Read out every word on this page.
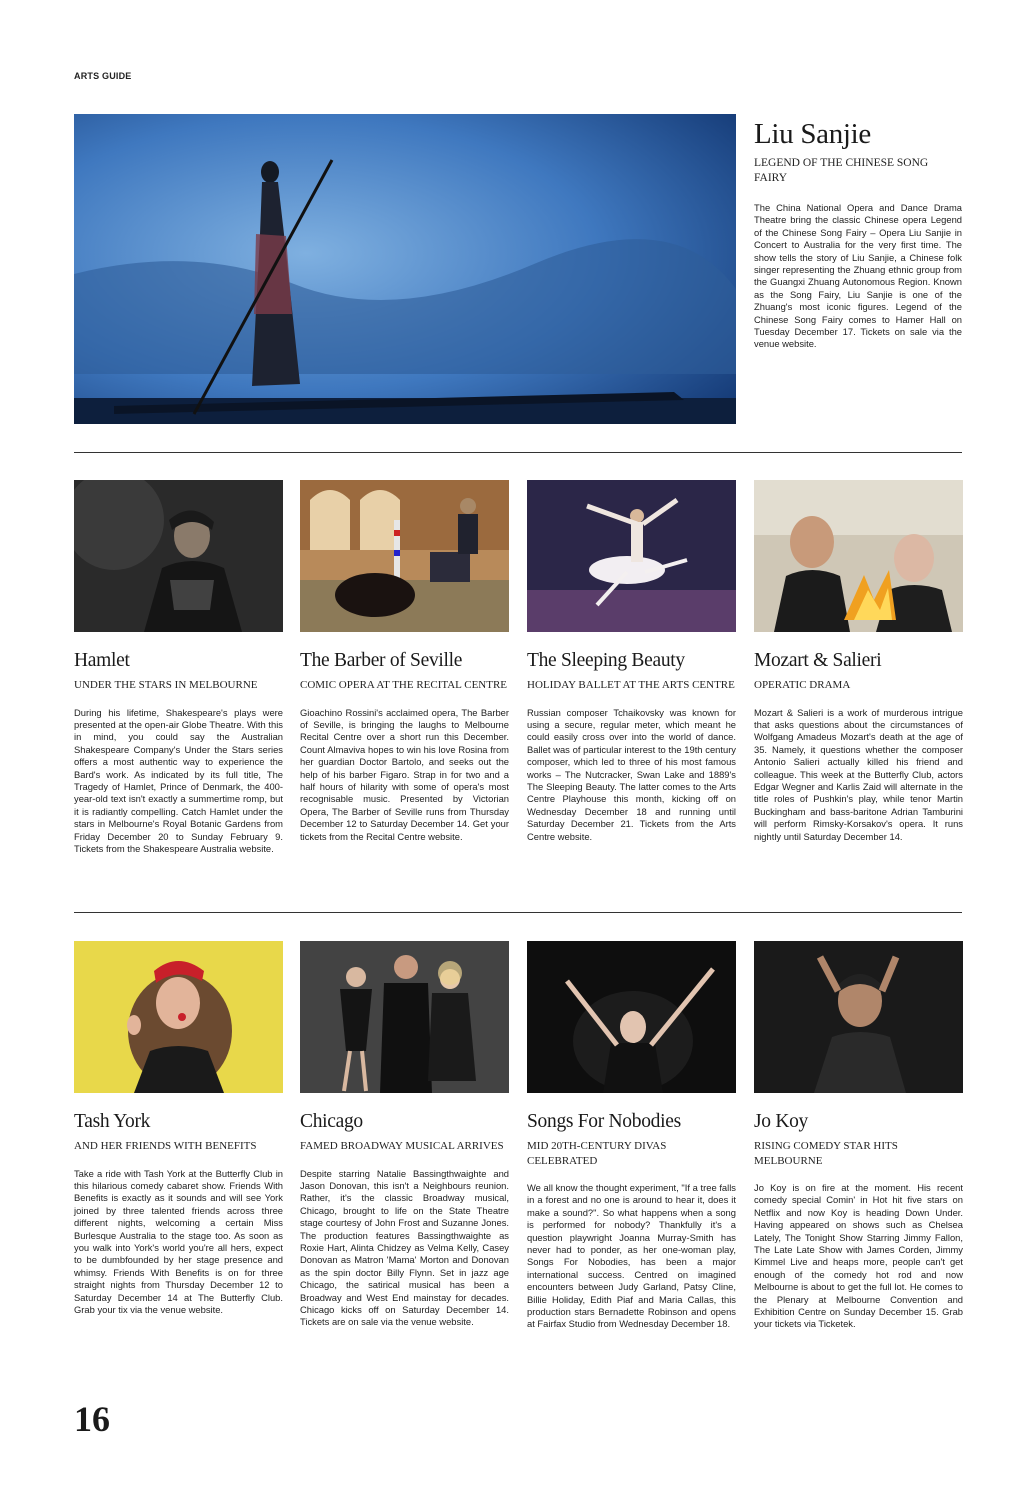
ARTS GUIDE
Liu Sanjie

LEGEND OF THE CHINESE SONG FAIRY

The China National Opera and Dance Drama Theatre bring the classic Chinese opera Legend of the Chinese Song Fairy – Opera Liu Sanjie in Concert to Australia for the very first time. The show tells the story of Liu Sanjie, a Chinese folk singer representing the Zhuang ethnic group from the Guangxi Zhuang Autonomous Region. Known as the Song Fairy, Liu Sanjie is one of the Zhuang's most iconic figures. Legend of the Chinese Song Fairy comes to Hamer Hall on Tuesday December 17. Tickets on sale via the venue website.

Hamlet

UNDER THE STARS IN MELBOURNE

During his lifetime, Shakespeare's plays were presented at the open-air Globe Theatre. With this in mind, you could say the Australian Shakespeare Company's Under the Stars series offers a most authentic way to experience the Bard's work. As indicated by its full title, The Tragedy of Hamlet, Prince of Denmark, the 400-year-old text isn't exactly a summertime romp, but it is radiantly compelling. Catch Hamlet under the stars in Melbourne's Royal Botanic Gardens from Friday December 20 to Sunday February 9. Tickets from the Shakespeare Australia website.

The Barber of Seville

COMIC OPERA AT THE RECITAL CENTRE

Gioachino Rossini's acclaimed opera, The Barber of Seville, is bringing the laughs to Melbourne Recital Centre over a short run this December. Count Almaviva hopes to win his love Rosina from her guardian Doctor Bartolo, and seeks out the help of his barber Figaro. Strap in for two and a half hours of hilarity with some of opera's most recognisable music. Presented by Victorian Opera, The Barber of Seville runs from Thursday December 12 to Saturday December 14. Get your tickets from the Recital Centre website.

The Sleeping Beauty

HOLIDAY BALLET AT THE ARTS CENTRE

Russian composer Tchaikovsky was known for using a secure, regular meter, which meant he could easily cross over into the world of dance. Ballet was of particular interest to the 19th century composer, which led to three of his most famous works – The Nutcracker, Swan Lake and 1889's The Sleeping Beauty. The latter comes to the Arts Centre Playhouse this month, kicking off on Wednesday December 18 and running until Saturday December 21. Tickets from the Arts Centre website.

Mozart & Salieri

OPERATIC DRAMA

Mozart & Salieri is a work of murderous intrigue that asks questions about the circumstances of Wolfgang Amadeus Mozart's death at the age of 35. Namely, it questions whether the composer Antonio Salieri actually killed his friend and colleague. This week at the Butterfly Club, actors Edgar Wegner and Karlis Zaid will alternate in the title roles of Pushkin's play, while tenor Martin Buckingham and bass-baritone Adrian Tamburini will perform Rimsky-Korsakov's opera. It runs nightly until Saturday December 14.

Tash York

AND HER FRIENDS WITH BENEFITS

Take a ride with Tash York at the Butterfly Club in this hilarious comedy cabaret show. Friends With Benefits is exactly as it sounds and will see York joined by three talented friends across three different nights, welcoming a certain Miss Burlesque Australia to the stage too. As soon as you walk into York's world you're all hers, expect to be dumbfounded by her stage presence and whimsy. Friends With Benefits is on for three straight nights from Thursday December 12 to Saturday December 14 at The Butterfly Club. Grab your tix via the venue website.

Chicago

FAMED BROADWAY MUSICAL ARRIVES

Despite starring Natalie Bassingthwaighte and Jason Donovan, this isn't a Neighbours reunion. Rather, it's the classic Broadway musical, Chicago, brought to life on the State Theatre stage courtesy of John Frost and Suzanne Jones. The production features Bassingthwaighte as Roxie Hart, Alinta Chidzey as Velma Kelly, Casey Donovan as Matron 'Mama' Morton and Donovan as the spin doctor Billy Flynn. Set in jazz age Chicago, the satirical musical has been a Broadway and West End mainstay for decades. Chicago kicks off on Saturday December 14. Tickets are on sale via the venue website.

Songs For Nobodies

MID 20TH-CENTURY DIVAS CELEBRATED

We all know the thought experiment, "If a tree falls in a forest and no one is around to hear it, does it make a sound?". So what happens when a song is performed for nobody? Thankfully it's a question playwright Joanna Murray-Smith has never had to ponder, as her one-woman play, Songs For Nobodies, has been a major international success. Centred on imagined encounters between Judy Garland, Patsy Cline, Billie Holiday, Edith Piaf and Maria Callas, this production stars Bernadette Robinson and opens at Fairfax Studio from Wednesday December 18.

Jo Koy

RISING COMEDY STAR HITS MELBOURNE

Jo Koy is on fire at the moment. His recent comedy special Comin' in Hot hit five stars on Netflix and now Koy is heading Down Under. Having appeared on shows such as Chelsea Lately, The Tonight Show Starring Jimmy Fallon, The Late Late Show with James Corden, Jimmy Kimmel Live and heaps more, people can't get enough of the comedy hot rod and now Melbourne is about to get the full lot. He comes to the Plenary at Melbourne Convention and Exhibition Centre on Sunday December 15. Grab your tickets via Ticketek.

16
